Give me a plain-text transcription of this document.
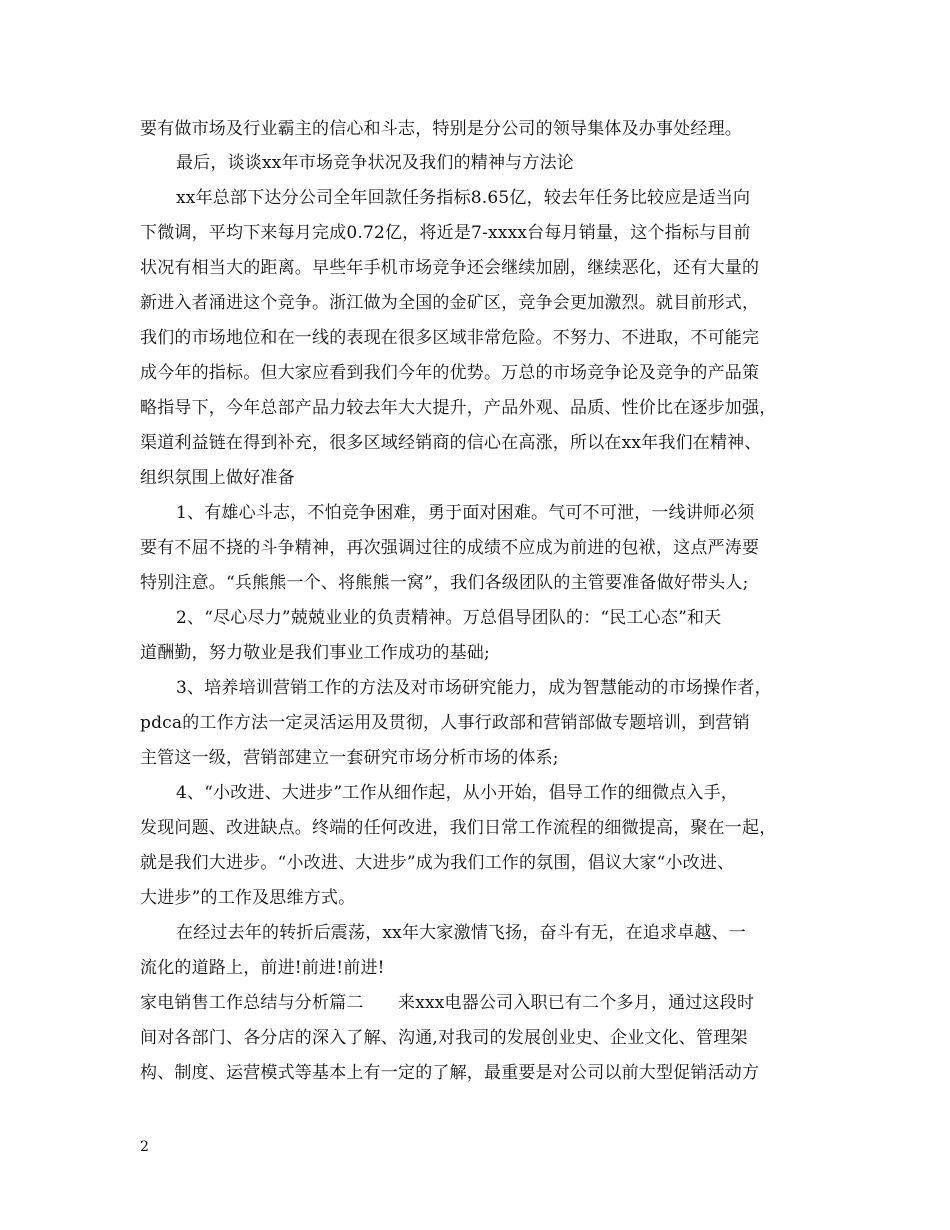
要有做市场及行业霸主的信心和斗志，特别是分公司的领导集体及办事处经理。
最后，谈谈xx年市场竞争状况及我们的精神与方法论
xx年总部下达分公司全年回款任务指标8.65亿，较去年任务比较应是适当向
下微调，平均下来每月完成0.72亿，将近是7-xxxx台每月销量，这个指标与目前
状况有相当大的距离。早些年手机市场竞争还会继续加剧，继续恶化，还有大量的
新进入者涌进这个竞争。浙江做为全国的金矿区，竞争会更加激烈。就目前形式，
我们的市场地位和在一线的表现在很多区域非常危险。不努力、不进取，不可能完
成今年的指标。但大家应看到我们今年的优势。万总的市场竞争论及竞争的产品策
略指导下，今年总部产品力较去年大大提升，产品外观、品质、性价比在逐步加强，
渠道利益链在得到补充，很多区域经销商的信心在高涨，所以在xx年我们在精神、
组织氛围上做好准备
1、有雄心斗志，不怕竞争困难，勇于面对困难。气可不可泄，一线讲师必须
要有不屈不挠的斗争精神，再次强调过往的成绩不应成为前进的包袱，这点严涛要
特别注意。“兵熊熊一个、将熊熊一窝”，我们各级团队的主管要准备做好带头人;
2、“尽心尽力”兢兢业业的负责精神。万总倡导团队的：“民工心态”和天
道酬勤，努力敬业是我们事业工作成功的基础;
3、培养培训营销工作的方法及对市场研究能力，成为智慧能动的市场操作者，
pdca的工作方法一定灵活运用及贯彻，人事行政部和营销部做专题培训，到营销
主管这一级，营销部建立一套研究市场分析市场的体系;
4、“小改进、大进步”工作从细作起，从小开始，倡导工作的细微点入手，
发现问题、改进缺点。终端的任何改进，我们日常工作流程的细微提高，聚在一起，
就是我们大进步。“小改进、大进步”成为我们工作的氛围，倡议大家“小改进、
大进步”的工作及思维方式。
在经过去年的转折后震荡，xx年大家激情飞扬，奋斗有无，在追求卓越、一
流化的道路上，前进!前进!前进!
家电销售工作总结与分析篇二　　来xxx电器公司入职已有二个多月，通过这段时
间对各部门、各分店的深入了解、沟通,对我司的发展创业史、企业文化、管理架
构、制度、运营模式等基本上有一定的了解，最重要是对公司以前大型促销活动方
2
